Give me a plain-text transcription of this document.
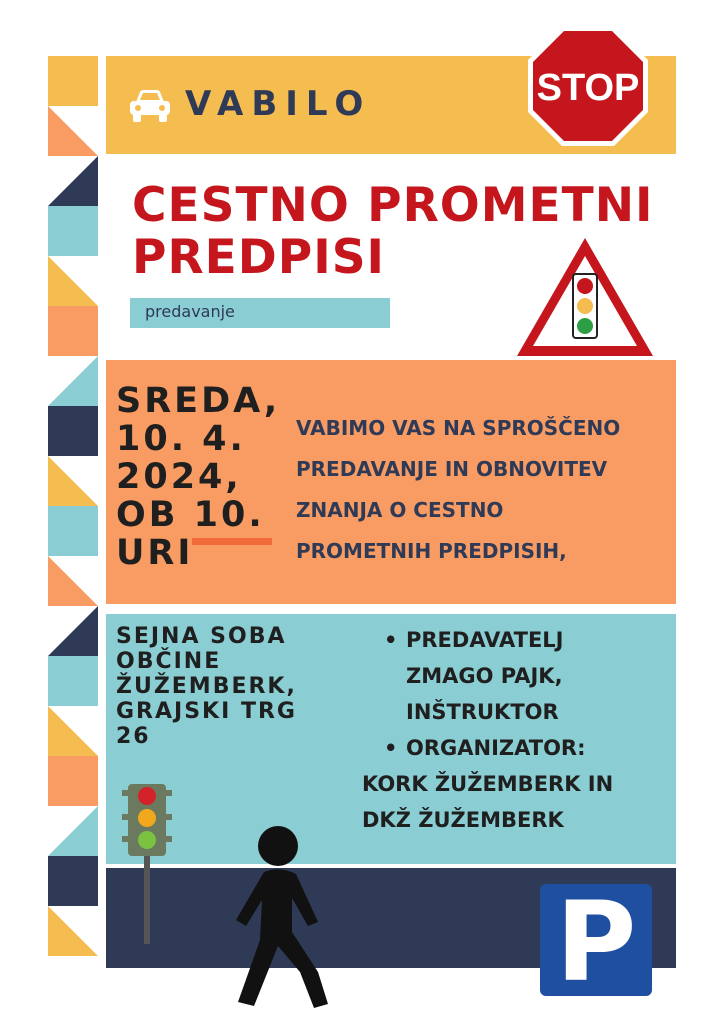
VABILO	STOP
CESTNO PROMETNI
PREDPISI
predavanje
SREDA,
10. 4.
2024,
OB 10.
URI
VABIMO VAS NA SPROŠČENO
PREDAVANJE IN OBNOVITEV
ZNANJA O CESTNO
PROMETNIH PREDPISIH,
SEJNA SOBA
OBČINE
ŽUŽEMBERK,
GRAJSKI TRG
26
• PREDAVATELJ
ZMAGO PAJK,
INŠTRUKTOR
• ORGANIZATOR:
KORK ŽUŽEMBERK IN
DKŽ ŽUŽEMBERK
P
